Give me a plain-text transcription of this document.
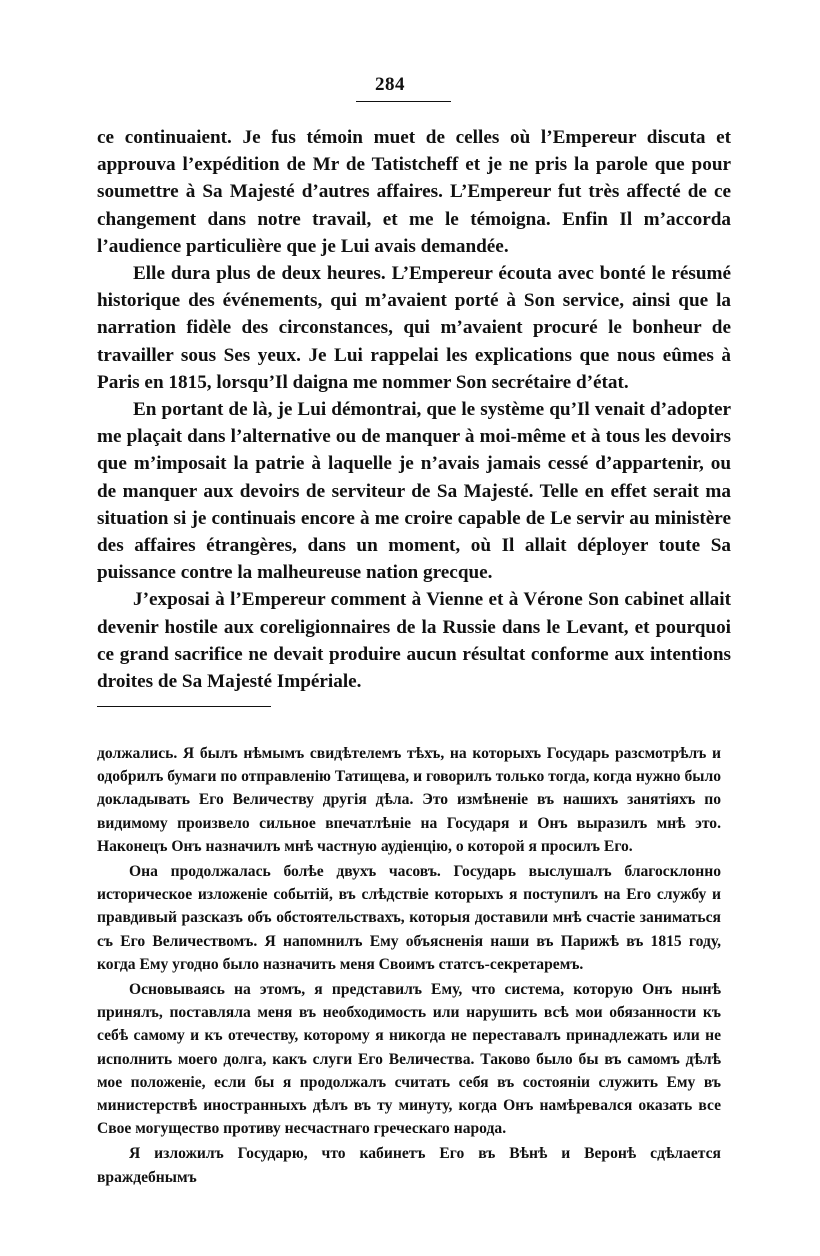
284

ce continuaient. Je fus témoin muet de celles où l’Empereur discuta et approuva l’expédition de Mr de Tatistcheff et je ne pris la parole que pour soumettre à Sa Majesté d’autres affaires. L’Empereur fut très affecté de ce changement dans notre travail, et me le témoigna. Enfin Il m’accorda l’audience particulière que je Lui avais demandée.

Elle dura plus de deux heures. L’Empereur écouta avec bonté le résumé historique des événements, qui m’avaient porté à Son service, ainsi que la narration fidèle des circonstances, qui m’avaient procuré le bonheur de travailler sous Ses yeux. Je Lui rappelai les explications que nous eûmes à Paris en 1815, lorsqu’Il daigna me nommer Son secrétaire d’état.

En portant de là, je Lui démontrai, que le système qu’Il venait d’adopter me plaçait dans l’alternative ou de manquer à moi-même et à tous les devoirs que m’imposait la patrie à laquelle je n’avais jamais cessé d’appartenir, ou de manquer aux devoirs de serviteur de Sa Majesté. Telle en effet serait ma situation si je continuais encore à me croire capable de Le servir au ministère des affaires étrangères, dans un moment, où Il allait déployer toute Sa puissance contre la malheureuse nation grecque.

J’exposai à l’Empereur comment à Vienne et à Vérone Son cabinet allait devenir hostile aux coreligionnaires de la Russie dans le Levant, et pourquoi ce grand sacrifice ne devait produire aucun résultat conforme aux intentions droites de Sa Majesté Impériale.

должались. Я былъ нѣмымъ свидѣтелемъ тѣхъ, на которыхъ Государь разсмотрѣлъ и одобрилъ бумаги по отправленію Татищева, и говорилъ только тогда, когда нужно было докладывать Его Величеству другія дѣла. Это измѣненіе въ нашихъ занятіяхъ по видимому произвело сильное впечатлѣніе на Государя и Онъ выразилъ мнѣ это. Наконецъ Онъ назначилъ мнѣ частную аудіенцію, о которой я просилъ Его.

Она продолжалась болѣе двухъ часовъ. Государь выслушалъ благосклонно историческое изложеніе событій, въ слѣдствіе которыхъ я поступилъ на Его службу и правдивый разсказъ объ обстоятельствахъ, которыя доставили мнѣ счастіе заниматься съ Его Величествомъ. Я напомнилъ Ему объясненія наши въ Парижѣ въ 1815 году, когда Ему угодно было назначить меня Своимъ статсъ-секретаремъ.

Основываясь на этомъ, я представилъ Ему, что система, которую Онъ нынѣ принялъ, поставляла меня въ необходимость или нарушить всѣ мои обязанности къ себѣ самому и къ отечеству, которому я никогда не переставалъ принадлежать или не исполнить моего долга, какъ слуги Его Величества. Таково было бы въ самомъ дѣлѣ мое положеніе, если бы я продолжалъ считать себя въ состояніи служить Ему въ министерствѣ иностранныхъ дѣлъ въ ту минуту, когда Онъ намѣревался оказать все Свое могущество противу несчастнаго греческаго народа.

Я изложилъ Государю, что кабинетъ Его въ Вѣнѣ и Веронѣ сдѣлается враждебнымъ
